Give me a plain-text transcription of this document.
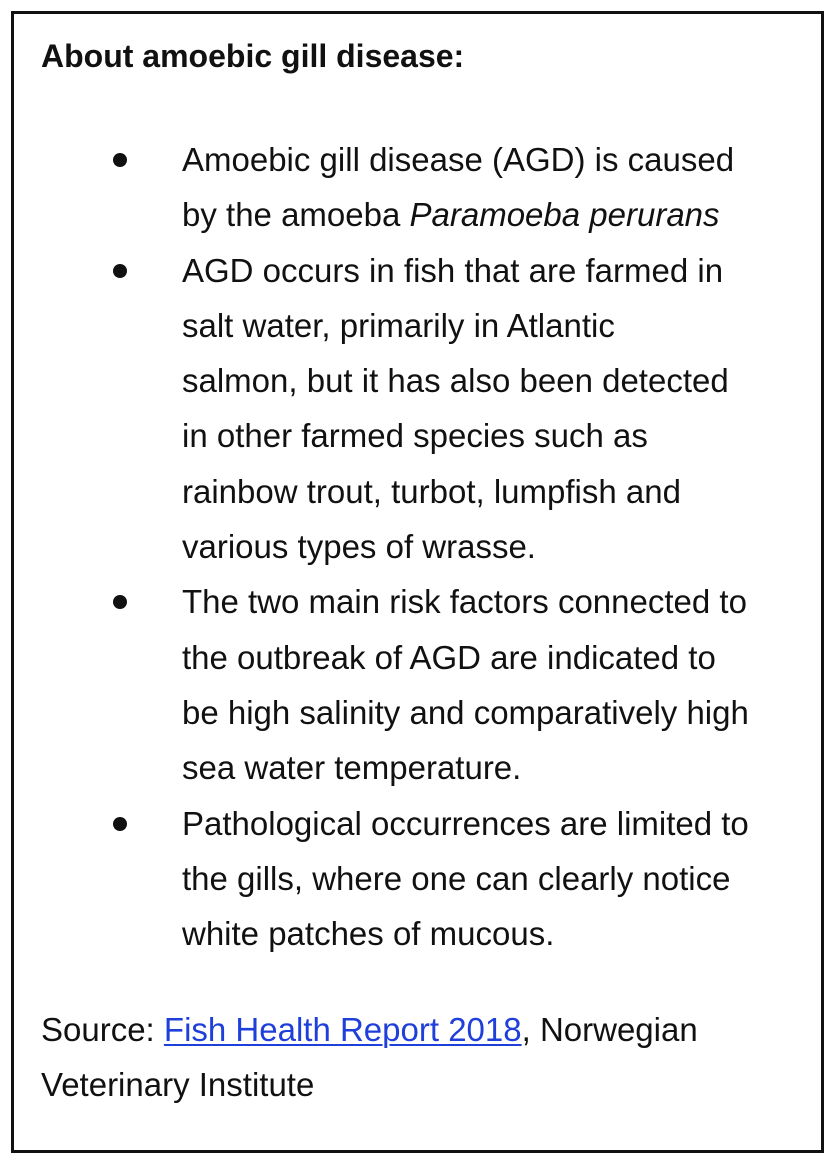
About amoebic gill disease:
Amoebic gill disease (AGD) is caused
by the amoeba Paramoeba perurans
AGD occurs in fish that are farmed in
salt water, primarily in Atlantic
salmon, but it has also been detected
in other farmed species such as
rainbow trout, turbot, lumpfish and
various types of wrasse.
The two main risk factors connected to
the outbreak of AGD are indicated to
be high salinity and comparatively high
sea water temperature.
Pathological occurrences are limited to
the gills, where one can clearly notice
white patches of mucous.
Source: Fish Health Report 2018, Norwegian
Veterinary Institute
